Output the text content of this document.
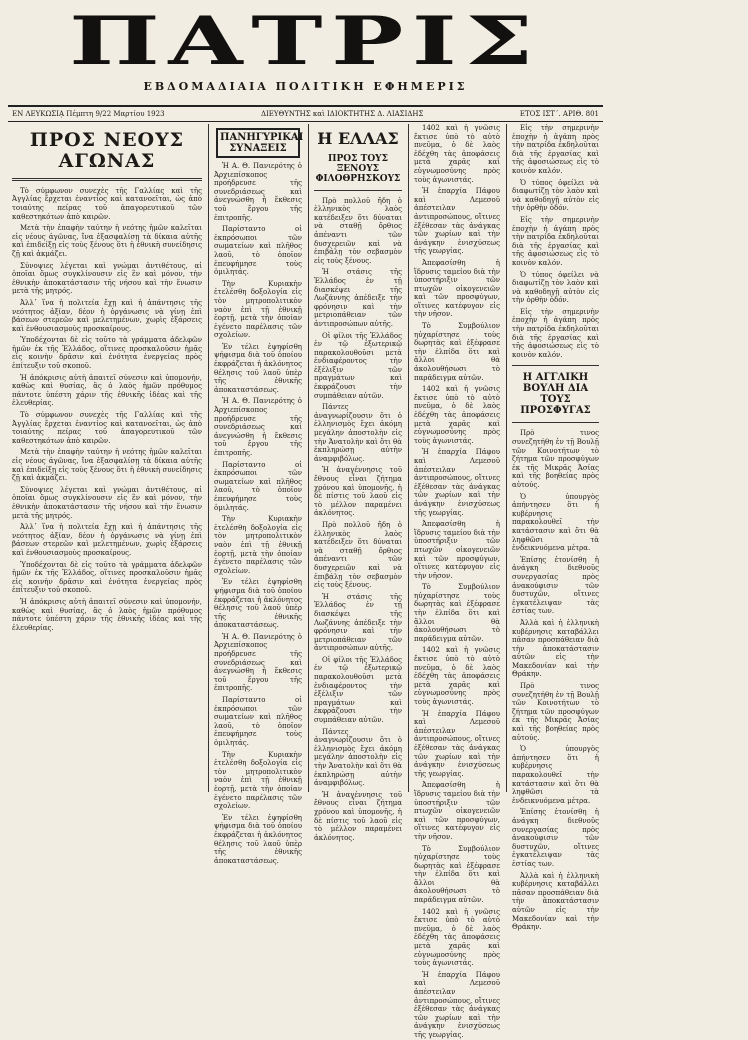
ΠΑΤΡΙΣ
ΕΒΔΟΜΑΔΙΑΙΑ ΠΟΛΙΤΙΚΗ ΕΦΗΜΕΡΙΣ
ΕΝ ΛΕΥΚΩΣΙᾼ Πέμπτη 9/22 Μαρτίου 1923	ΔΙΕΥΘΥΝΤΗΣ καὶ ΙΔΙΟΚΤΗΤΗΣ Δ. ΛΙΑΣΙΔΗΣ	ΕΤΟΣ ΙΣΤ΄. ΑΡΙΘ. 801
ΠΡΟΣ ΝΕΟΥΣ ΑΓΩΝΑΣ

Τὸ σύμφωνον συνεχὲς τῆς Γαλλίας καὶ τῆς Ἀγγλίας ἔρχεται ἐναντίος καὶ κατανοεῖται, ὡς ἀπὸ τοιαύτης πείρας τοῦ ἀπαγορευτικοῦ τῶν καθεστηκότων ἀπὸ καιρῶν.

Μετὰ τὴν ἐπαφὴν ταύτην ἡ νεότης ἡμῶν καλεῖται εἰς νέους ἀγῶνας, ἵνα ἐξασφαλίσῃ τὰ δίκαια αὐτῆς καὶ ἐπιδείξῃ εἰς τοὺς ξένους ὅτι ἡ ἐθνικὴ συνείδησις ζῇ καὶ ἀκμάζει.

Σύνοψιες λέγεται καὶ γνώμαι ἀντιθέτους, αἱ ὁποῖαι ὅμως συγκλίνουσιν εἰς ἓν καὶ μόνον, τὴν ἐθνικὴν ἀποκατάστασιν τῆς νήσου καὶ τὴν ἕνωσιν μετὰ τῆς μητρός.

Ἀλλ᾿ ἵνα ἡ πολιτεία ἔχῃ καὶ ἡ ἀπάντησις τῆς νεότητος ἀξίαν, δέον ἡ ὀργάνωσις νὰ γίνῃ ἐπὶ βάσεων στερεῶν καὶ μελετημένων, χωρὶς ἐξάρσεις καὶ ἐνθουσιασμοὺς προσκαίρους.

Ὑποδέχονται δὲ εἰς τοῦτο τὰ γράμματα ἀδελφῶν ἡμῶν ἐκ τῆς Ἑλλάδος, οἵτινες προσκαλοῦσιν ἡμᾶς εἰς κοινὴν δρᾶσιν καὶ ἐνότητα ἐνεργείας πρὸς ἐπίτευξιν τοῦ σκοποῦ.

Ἡ ἀπόκρισις αὐτὴ ἀπαιτεῖ σύνεσιν καὶ ὑπομονήν, καθὼς καὶ θυσίας, ἃς ὁ λαὸς ἡμῶν πρόθυμος πάντοτε ὑπέστη χάριν τῆς ἐθνικῆς ἰδέας καὶ τῆς ἐλευθερίας.

Τὸ σύμφωνον συνεχὲς τῆς Γαλλίας καὶ τῆς Ἀγγλίας ἔρχεται ἐναντίος καὶ κατανοεῖται, ὡς ἀπὸ τοιαύτης πείρας τοῦ ἀπαγορευτικοῦ τῶν καθεστηκότων ἀπὸ καιρῶν.

Μετὰ τὴν ἐπαφὴν ταύτην ἡ νεότης ἡμῶν καλεῖται εἰς νέους ἀγῶνας, ἵνα ἐξασφαλίσῃ τὰ δίκαια αὐτῆς καὶ ἐπιδείξῃ εἰς τοὺς ξένους ὅτι ἡ ἐθνικὴ συνείδησις ζῇ καὶ ἀκμάζει.

Σύνοψιες λέγεται καὶ γνώμαι ἀντιθέτους, αἱ ὁποῖαι ὅμως συγκλίνουσιν εἰς ἓν καὶ μόνον, τὴν ἐθνικὴν ἀποκατάστασιν τῆς νήσου καὶ τὴν ἕνωσιν μετὰ τῆς μητρός.

Ἀλλ᾿ ἵνα ἡ πολιτεία ἔχῃ καὶ ἡ ἀπάντησις τῆς νεότητος ἀξίαν, δέον ἡ ὀργάνωσις νὰ γίνῃ ἐπὶ βάσεων στερεῶν καὶ μελετημένων, χωρὶς ἐξάρσεις καὶ ἐνθουσιασμοὺς προσκαίρους.

Ὑποδέχονται δὲ εἰς τοῦτο τὰ γράμματα ἀδελφῶν ἡμῶν ἐκ τῆς Ἑλλάδος, οἵτινες προσκαλοῦσιν ἡμᾶς εἰς κοινὴν δρᾶσιν καὶ ἐνότητα ἐνεργείας πρὸς ἐπίτευξιν τοῦ σκοποῦ.

Ἡ ἀπόκρισις αὐτὴ ἀπαιτεῖ σύνεσιν καὶ ὑπομονήν, καθὼς καὶ θυσίας, ἃς ὁ λαὸς ἡμῶν πρόθυμος πάντοτε ὑπέστη χάριν τῆς ἐθνικῆς ἰδέας καὶ τῆς ἐλευθερίας.

ΠΑΝΗΓΥΡΙΚΑΙ ΣΥΝΑΞΕΙΣ

Ἡ Α. Θ. Πανιερότης ὁ Ἀρχιεπίσκοπος προήδρευσε τῆς συνεδριάσεως καὶ ἀνεγνώσθη ἡ ἔκθεσις τοῦ ἔργου τῆς ἐπιτροπῆς.

Παρίσταντο οἱ ἐκπρόσωποι τῶν σωματείων καὶ πλῆθος λαοῦ, τὸ ὁποῖον ἐπευφήμησε τοὺς ὁμιλητάς.

Τὴν Κυριακὴν ἐτελέσθη δοξολογία εἰς τὸν μητροπολιτικὸν ναὸν ἐπὶ τῇ ἐθνικῇ ἑορτῇ, μετὰ τὴν ὁποίαν ἐγένετο παρέλασις τῶν σχολείων.

Ἐν τέλει ἐψηφίσθη ψήφισμα διὰ τοῦ ὁποίου ἐκφράζεται ἡ ἀκλόνητος θέλησις τοῦ λαοῦ ὑπὲρ τῆς ἐθνικῆς ἀποκαταστάσεως.

Ἡ Α. Θ. Πανιερότης ὁ Ἀρχιεπίσκοπος προήδρευσε τῆς συνεδριάσεως καὶ ἀνεγνώσθη ἡ ἔκθεσις τοῦ ἔργου τῆς ἐπιτροπῆς.

Παρίσταντο οἱ ἐκπρόσωποι τῶν σωματείων καὶ πλῆθος λαοῦ, τὸ ὁποῖον ἐπευφήμησε τοὺς ὁμιλητάς.

Τὴν Κυριακὴν ἐτελέσθη δοξολογία εἰς τὸν μητροπολιτικὸν ναὸν ἐπὶ τῇ ἐθνικῇ ἑορτῇ, μετὰ τὴν ὁποίαν ἐγένετο παρέλασις τῶν σχολείων.

Ἐν τέλει ἐψηφίσθη ψήφισμα διὰ τοῦ ὁποίου ἐκφράζεται ἡ ἀκλόνητος θέλησις τοῦ λαοῦ ὑπὲρ τῆς ἐθνικῆς ἀποκαταστάσεως.

Ἡ Α. Θ. Πανιερότης ὁ Ἀρχιεπίσκοπος προήδρευσε τῆς συνεδριάσεως καὶ ἀνεγνώσθη ἡ ἔκθεσις τοῦ ἔργου τῆς ἐπιτροπῆς.

Παρίσταντο οἱ ἐκπρόσωποι τῶν σωματείων καὶ πλῆθος λαοῦ, τὸ ὁποῖον ἐπευφήμησε τοὺς ὁμιλητάς.

Τὴν Κυριακὴν ἐτελέσθη δοξολογία εἰς τὸν μητροπολιτικὸν ναὸν ἐπὶ τῇ ἐθνικῇ ἑορτῇ, μετὰ τὴν ὁποίαν ἐγένετο παρέλασις τῶν σχολείων.

Ἐν τέλει ἐψηφίσθη ψήφισμα διὰ τοῦ ὁποίου ἐκφράζεται ἡ ἀκλόνητος θέλησις τοῦ λαοῦ ὑπὲρ τῆς ἐθνικῆς ἀποκαταστάσεως.

Η ΕΛΛΑΣ
ΠΡΟΣ ΤΟΥΣ ΞΕΝΟΥΣ ΦΙΛΟΘΡΗΣΚΟΥΣ

Πρὸ πολλοῦ ἤδη ὁ ἑλληνικὸς λαὸς κατέδειξεν ὅτι δύναται νὰ σταθῇ ὄρθιος ἀπέναντι τῶν δυσχερειῶν καὶ νὰ ἐπιβάλῃ τὸν σεβασμὸν εἰς τοὺς ξένους.

Ἡ στάσις τῆς Ἑλλάδος ἐν τῇ διασκέψει τῆς Λωζάννης ἀπέδειξε τὴν φρόνησιν καὶ τὴν μετριοπάθειαν τῶν ἀντιπροσώπων αὐτῆς.

Οἱ φίλοι τῆς Ἑλλάδος ἐν τῷ ἐξωτερικῷ παρακολουθοῦσι μετὰ ἐνδιαφέροντος τὴν ἐξέλιξιν τῶν πραγμάτων καὶ ἐκφράζουσι τὴν συμπάθειαν αὐτῶν.

Πάντες ἀναγνωρίζουσιν ὅτι ὁ ἑλληνισμὸς ἔχει ἀκόμη μεγάλην ἀποστολὴν εἰς τὴν Ἀνατολὴν καὶ ὅτι θὰ ἐκπληρώσῃ αὐτὴν ἀναμφιβόλως.

Ἡ ἀναγέννησις τοῦ ἔθνους εἶναι ζήτημα χρόνου καὶ ὑπομονῆς, ἡ δὲ πίστις τοῦ λαοῦ εἰς τὸ μέλλον παραμένει ἀκλόνητος.

Πρὸ πολλοῦ ἤδη ὁ ἑλληνικὸς λαὸς κατέδειξεν ὅτι δύναται νὰ σταθῇ ὄρθιος ἀπέναντι τῶν δυσχερειῶν καὶ νὰ ἐπιβάλῃ τὸν σεβασμὸν εἰς τοὺς ξένους.

Ἡ στάσις τῆς Ἑλλάδος ἐν τῇ διασκέψει τῆς Λωζάννης ἀπέδειξε τὴν φρόνησιν καὶ τὴν μετριοπάθειαν τῶν ἀντιπροσώπων αὐτῆς.

Οἱ φίλοι τῆς Ἑλλάδος ἐν τῷ ἐξωτερικῷ παρακολουθοῦσι μετὰ ἐνδιαφέροντος τὴν ἐξέλιξιν τῶν πραγμάτων καὶ ἐκφράζουσι τὴν συμπάθειαν αὐτῶν.

Πάντες ἀναγνωρίζουσιν ὅτι ὁ ἑλληνισμὸς ἔχει ἀκόμη μεγάλην ἀποστολὴν εἰς τὴν Ἀνατολὴν καὶ ὅτι θὰ ἐκπληρώσῃ αὐτὴν ἀναμφιβόλως.

Ἡ ἀναγέννησις τοῦ ἔθνους εἶναι ζήτημα χρόνου καὶ ὑπομονῆς, ἡ δὲ πίστις τοῦ λαοῦ εἰς τὸ μέλλον παραμένει ἀκλόνητος.

1402 καὶ ἡ γνῶσις ἔκτισε ὑπὸ τὸ αὐτὸ πνεῦμα, ὁ δὲ λαὸς ἐδέχθη τὰς ἀποφάσεις μετὰ χαρᾶς καὶ εὐγνωμοσύνης πρὸς τοὺς ἀγωνιστάς.

Ἡ ἐπαρχία Πάφου καὶ Λεμεσοῦ ἀπέστειλαν ἀντιπροσώπους, οἵτινες ἐξέθεσαν τὰς ἀνάγκας τῶν χωρίων καὶ τὴν ἀνάγκην ἐνισχύσεως τῆς γεωργίας.

Ἀπεφασίσθη ἡ ἵδρυσις ταμείου διὰ τὴν ὑποστήριξιν τῶν πτωχῶν οἰκογενειῶν καὶ τῶν προσφύγων, οἵτινες κατέφυγον εἰς τὴν νῆσον.

Τὸ Συμβούλιον ηὐχαρίστησε τοὺς δωρητὰς καὶ ἐξέφρασε τὴν ἐλπίδα ὅτι καὶ ἄλλοι θὰ ἀκολουθήσωσι τὸ παράδειγμα αὐτῶν.

1402 καὶ ἡ γνῶσις ἔκτισε ὑπὸ τὸ αὐτὸ πνεῦμα, ὁ δὲ λαὸς ἐδέχθη τὰς ἀποφάσεις μετὰ χαρᾶς καὶ εὐγνωμοσύνης πρὸς τοὺς ἀγωνιστάς.

Ἡ ἐπαρχία Πάφου καὶ Λεμεσοῦ ἀπέστειλαν ἀντιπροσώπους, οἵτινες ἐξέθεσαν τὰς ἀνάγκας τῶν χωρίων καὶ τὴν ἀνάγκην ἐνισχύσεως τῆς γεωργίας.

Ἀπεφασίσθη ἡ ἵδρυσις ταμείου διὰ τὴν ὑποστήριξιν τῶν πτωχῶν οἰκογενειῶν καὶ τῶν προσφύγων, οἵτινες κατέφυγον εἰς τὴν νῆσον.

Τὸ Συμβούλιον ηὐχαρίστησε τοὺς δωρητὰς καὶ ἐξέφρασε τὴν ἐλπίδα ὅτι καὶ ἄλλοι θὰ ἀκολουθήσωσι τὸ παράδειγμα αὐτῶν.

1402 καὶ ἡ γνῶσις ἔκτισε ὑπὸ τὸ αὐτὸ πνεῦμα, ὁ δὲ λαὸς ἐδέχθη τὰς ἀποφάσεις μετὰ χαρᾶς καὶ εὐγνωμοσύνης πρὸς τοὺς ἀγωνιστάς.

Ἡ ἐπαρχία Πάφου καὶ Λεμεσοῦ ἀπέστειλαν ἀντιπροσώπους, οἵτινες ἐξέθεσαν τὰς ἀνάγκας τῶν χωρίων καὶ τὴν ἀνάγκην ἐνισχύσεως τῆς γεωργίας.

Ἀπεφασίσθη ἡ ἵδρυσις ταμείου διὰ τὴν ὑποστήριξιν τῶν πτωχῶν οἰκογενειῶν καὶ τῶν προσφύγων, οἵτινες κατέφυγον εἰς τὴν νῆσον.

Τὸ Συμβούλιον ηὐχαρίστησε τοὺς δωρητὰς καὶ ἐξέφρασε τὴν ἐλπίδα ὅτι καὶ ἄλλοι θὰ ἀκολουθήσωσι τὸ παράδειγμα αὐτῶν.

1402 καὶ ἡ γνῶσις ἔκτισε ὑπὸ τὸ αὐτὸ πνεῦμα, ὁ δὲ λαὸς ἐδέχθη τὰς ἀποφάσεις μετὰ χαρᾶς καὶ εὐγνωμοσύνης πρὸς τοὺς ἀγωνιστάς.

Ἡ ἐπαρχία Πάφου καὶ Λεμεσοῦ ἀπέστειλαν ἀντιπροσώπους, οἵτινες ἐξέθεσαν τὰς ἀνάγκας τῶν χωρίων καὶ τὴν ἀνάγκην ἐνισχύσεως τῆς γεωργίας.

Εἰς τὴν σημερινὴν ἐποχὴν ἡ ἀγάπη πρὸς τὴν πατρίδα ἐκδηλοῦται διὰ τῆς ἐργασίας καὶ τῆς ἀφοσιώσεως εἰς τὸ κοινὸν καλόν.

Ὁ τύπος ὀφείλει νὰ διαφωτίζῃ τὸν λαὸν καὶ νὰ καθοδηγῇ αὐτὸν εἰς τὴν ὀρθὴν ὁδόν.

Εἰς τὴν σημερινὴν ἐποχὴν ἡ ἀγάπη πρὸς τὴν πατρίδα ἐκδηλοῦται διὰ τῆς ἐργασίας καὶ τῆς ἀφοσιώσεως εἰς τὸ κοινὸν καλόν.

Ὁ τύπος ὀφείλει νὰ διαφωτίζῃ τὸν λαὸν καὶ νὰ καθοδηγῇ αὐτὸν εἰς τὴν ὀρθὴν ὁδόν.

Εἰς τὴν σημερινὴν ἐποχὴν ἡ ἀγάπη πρὸς τὴν πατρίδα ἐκδηλοῦται διὰ τῆς ἐργασίας καὶ τῆς ἀφοσιώσεως εἰς τὸ κοινὸν καλόν.

Η ΑΓΓΛΙΚΗ ΒΟΥΛΗ ΔΙΑ ΤΟΥΣ ΠΡΟΣΦΥΓΑΣ

Πρὸ τινος συνεζητήθη ἐν τῇ Βουλῇ τῶν Κοινοτήτων τὸ ζήτημα τῶν προσφύγων ἐκ τῆς Μικρᾶς Ἀσίας καὶ τῆς βοηθείας πρὸς αὐτούς.

Ὁ ὑπουργὸς ἀπήντησεν ὅτι ἡ κυβέρνησις παρακολουθεῖ τὴν κατάστασιν καὶ ὅτι θὰ ληφθῶσι τὰ ἐνδεικνυόμενα μέτρα.

Ἐπίσης ἐτονίσθη ἡ ἀνάγκη διεθνοῦς συνεργασίας πρὸς ἀνακούφισιν τῶν δυστυχῶν, οἵτινες ἐγκατέλειψαν τὰς ἑστίας των.

Ἀλλὰ καὶ ἡ ἑλληνικὴ κυβέρνησις καταβάλλει πᾶσαν προσπάθειαν διὰ τὴν ἀποκατάστασιν αὐτῶν εἰς τὴν Μακεδονίαν καὶ τὴν Θράκην.

Πρὸ τινος συνεζητήθη ἐν τῇ Βουλῇ τῶν Κοινοτήτων τὸ ζήτημα τῶν προσφύγων ἐκ τῆς Μικρᾶς Ἀσίας καὶ τῆς βοηθείας πρὸς αὐτούς.

Ὁ ὑπουργὸς ἀπήντησεν ὅτι ἡ κυβέρνησις παρακολουθεῖ τὴν κατάστασιν καὶ ὅτι θὰ ληφθῶσι τὰ ἐνδεικνυόμενα μέτρα.

Ἐπίσης ἐτονίσθη ἡ ἀνάγκη διεθνοῦς συνεργασίας πρὸς ἀνακούφισιν τῶν δυστυχῶν, οἵτινες ἐγκατέλειψαν τὰς ἑστίας των.

Ἀλλὰ καὶ ἡ ἑλληνικὴ κυβέρνησις καταβάλλει πᾶσαν προσπάθειαν διὰ τὴν ἀποκατάστασιν αὐτῶν εἰς τὴν Μακεδονίαν καὶ τὴν Θράκην.
